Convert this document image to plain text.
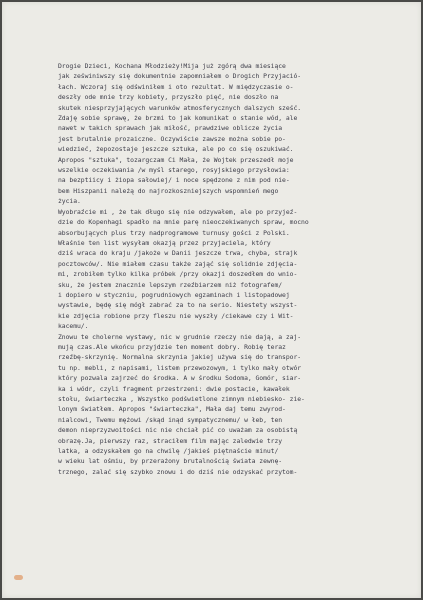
Drogie Dzieci, Kochana Młodzieży!Mija już zgórą dwa miesiące
jak zeświniwszy się dokumentnie zapomniałem o Drogich Przyjació-
łach. Wczoraj się odświniłem i oto rezultat. W międzyczasie o-
deszły ode mnie trzy kobiety, przyszło pięć, nie doszło na
skutek niesprzyjających warunków atmosferycznych dalszych sześć.
Zdaję sobie sprawę, że brzmi to jak komunikat o stanie wód, ale
nawet w takich sprawach jak miłość, prawdziwe oblicze życia
jest brutalnie prozaiczne. Oczywiście zawsze można sobie po-
wiedzieć, żepozostaje jeszcze sztuka, ale po co się oszukiwać.
Apropos "sztuka", tozargczam Ci Mała, że Wojtek przeszedł moje
wszelkie oczekiwania /w myśl starego, rosyjskiego przysłowia:
na bezptiicy i żiopa sałowiej/ i noce spędzone z nim pod nie-
bem Hiszpanii należą do najrozkoszniejszych wspomnień mego
życia.
Wyobraźcie mi , że tak długo się nie odzywałem, ale po przyjeź-
dzie do Kopenhagi spadło na mnie parę nieoczekiwanych spraw, mocno
absorbujących plus trzy nadprogramowe turnusy gości z Polski.
Właśnie ten list wysyłam okazją przez przyjaciela, który
dziś wraca do kraju /jakoże w Danii jeszcze trwa, chyba, strajk
pocztowców/. Nie miałem czasu także zająć się solidnie zdjęcia-
mi, zrobiłem tylko kilka próbek /przy okazji doszedłem do wnio-
sku, że jestem znacznie lepszym rzeźbiarzem niż fotografem/
i dopiero w styczniu, pogrudniowych egzaminach i listopadowej
wystawie, będę się mógł zabrać za to na serio. Niestety wszyst-
kie zdjęcia robione przy fleszu nie wyszły /ciekawe czy i Wit-
kacemu/.
Znowu te cholerne wystawy, nic w grudnie rzeczy nie dają, a zaj-
mują czas.Ale wkońcu przyjdzie ten moment dobry. Robię teraz
rzeźbę-skrzynię. Normalna skrzynia jakiej używa się do transpor-
tu np. mebli, z napisami, listem przewozowym, i tylko mały otwór
który pozwala zajrzeć do środka. A w środku Sodoma, Gomór, siar-
ka i wódr, czyli fragment przestrzeni: dwie postacie, kawałek
stołu, świarteczka , Wszystko podświetlone zimnym niebiesko- zie-
lonym światłem. Apropos "świarteczka", Mała daj temu zwyrod-
nialcowi, Twemu mężowi /skąd inąd sympatycznemu/ w łeb, ten
demon nieprzyzwoitości nic nie chciał pić co uważam za osobistą
obrazę.Ja, pierwszy raz, straciłem film mając zaledwie trzy
latka, a odzyskałem go na chwilę /jakieś piętnaście minut/
w wieku lat ośmiu, by przerażony brutalnością świata zewnę-
trznego, zalać się szybko znowu i do dziś nie odzyskać przytom-
